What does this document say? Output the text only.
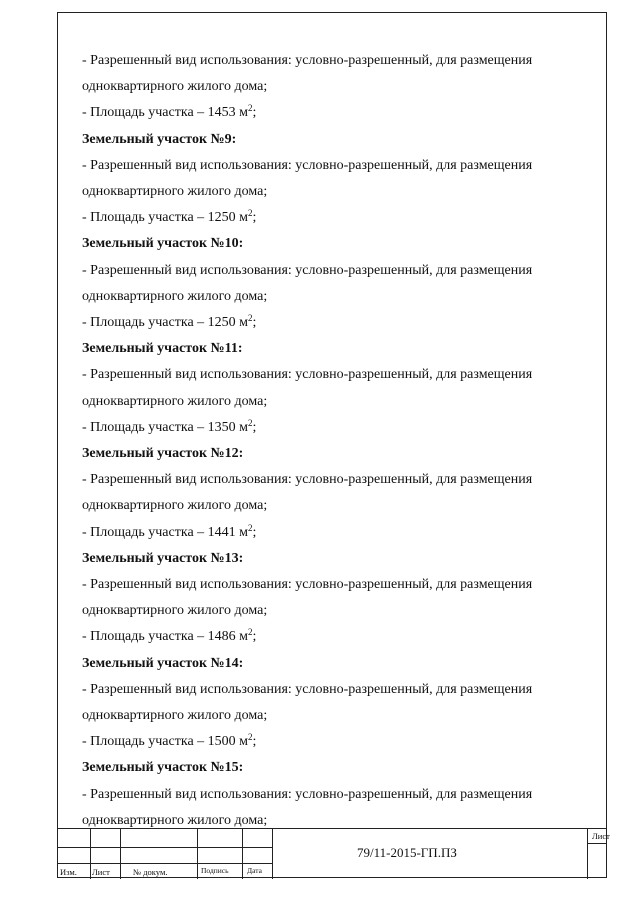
- Разрешенный вид использования: условно-разрешенный, для размещения
одноквартирного жилого дома;
- Площадь участка – 1453 $м^2$;
Земельный участок №9:
- Разрешенный вид использования: условно-разрешенный, для размещения
одноквартирного жилого дома;
- Площадь участка – 1250 $м^2$;
Земельный участок №10:
- Разрешенный вид использования: условно-разрешенный, для размещения
одноквартирного жилого дома;
- Площадь участка – 1250 $м^2$;
Земельный участок №11:
- Разрешенный вид использования: условно-разрешенный, для размещения
одноквартирного жилого дома;
- Площадь участка – 1350 $м^2$;
Земельный участок №12:
- Разрешенный вид использования: условно-разрешенный, для размещения
одноквартирного жилого дома;
- Площадь участка – 1441 $м^2$;
Земельный участок №13:
- Разрешенный вид использования: условно-разрешенный, для размещения
одноквартирного жилого дома;
- Площадь участка – 1486 $м^2$;
Земельный участок №14:
- Разрешенный вид использования: условно-разрешенный, для размещения
одноквартирного жилого дома;
- Площадь участка – 1500 $м^2$;
Земельный участок №15:
- Разрешенный вид использования: условно-разрешенный, для размещения
одноквартирного жилого дома;
Изм. Лист	№ докум.	Подпись Дата
79/11-2015-ГП.ПЗ
Лист
